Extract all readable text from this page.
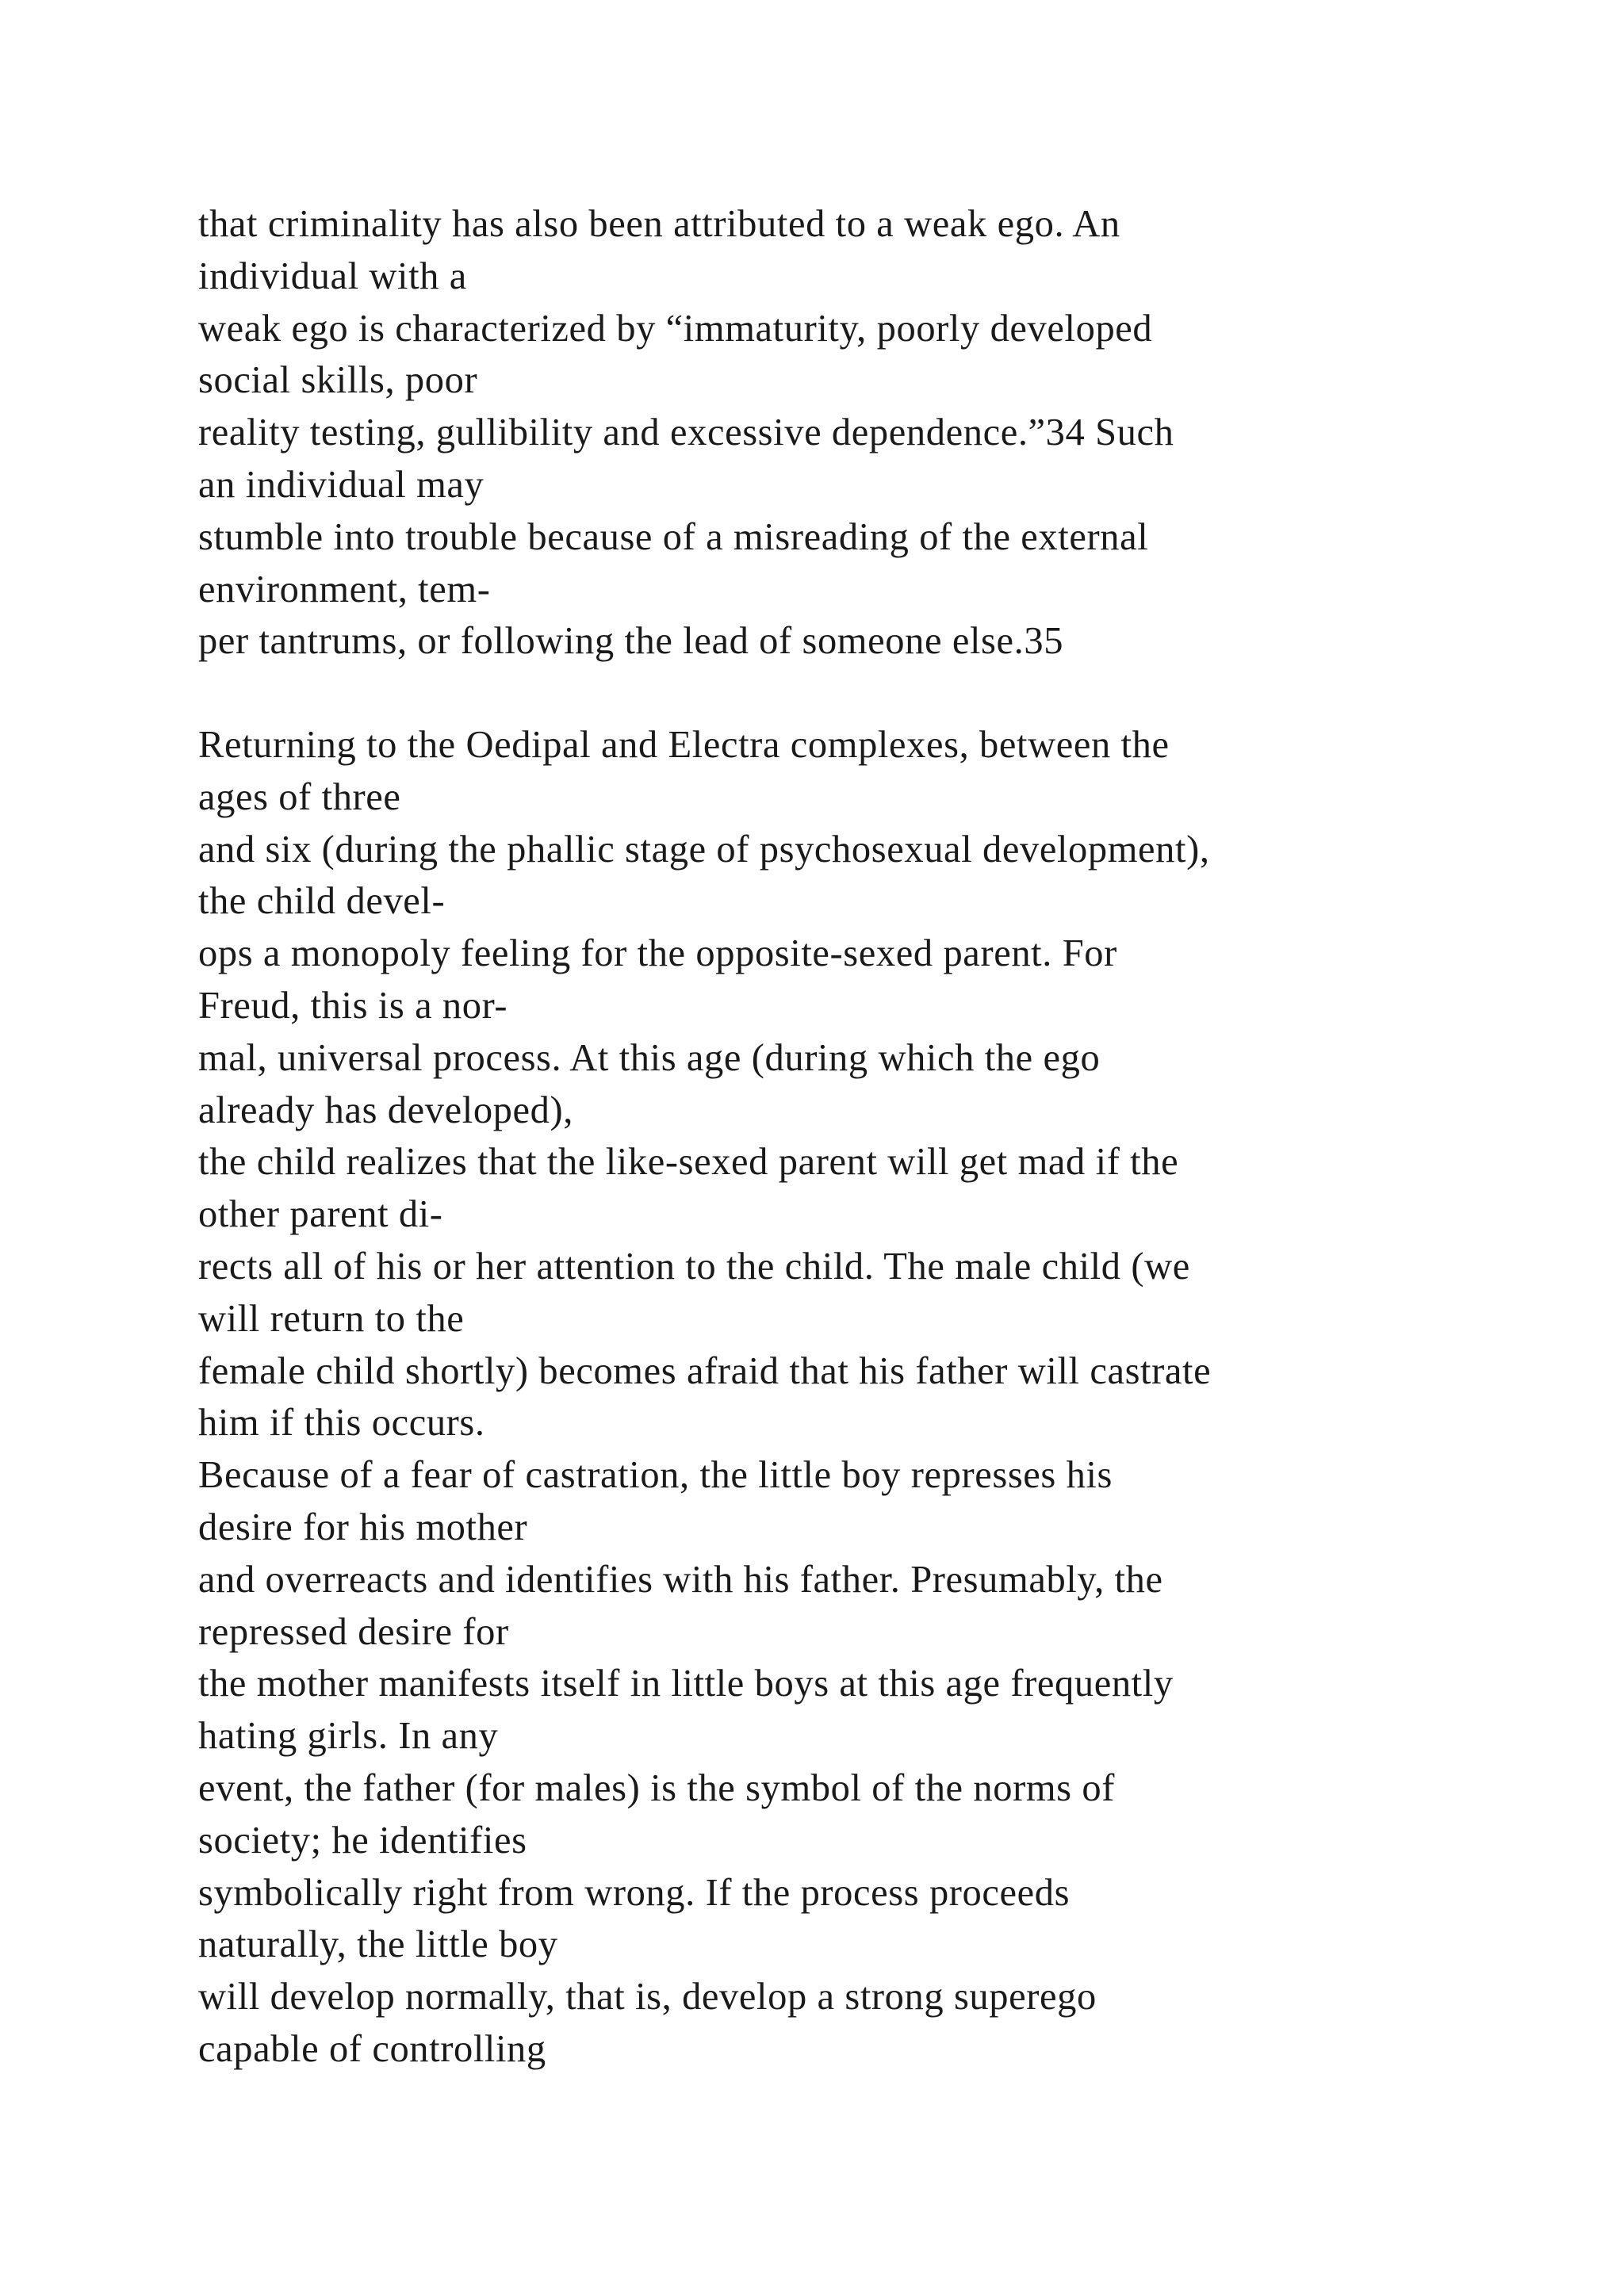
that criminality has also been attributed to a weak ego. An
individual with a
weak ego is characterized by “immaturity, poorly developed
social skills, poor
reality testing, gullibility and excessive dependence.”34 Such
an individual may
stumble into trouble because of a misreading of the external
environment, tem-
per tantrums, or following the lead of someone else.35
Returning to the Oedipal and Electra complexes, between the
ages of three
and six (during the phallic stage of psychosexual development),
the child devel-
ops a monopoly feeling for the opposite-sexed parent. For
Freud, this is a nor-
mal, universal process. At this age (during which the ego
already has developed),
the child realizes that the like-sexed parent will get mad if the
other parent di-
rects all of his or her attention to the child. The male child (we
will return to the
female child shortly) becomes afraid that his father will castrate
him if this occurs.
Because of a fear of castration, the little boy represses his
desire for his mother
and overreacts and identifies with his father. Presumably, the
repressed desire for
the mother manifests itself in little boys at this age frequently
hating girls. In any
event, the father (for males) is the symbol of the norms of
society; he identifies
symbolically right from wrong. If the process proceeds
naturally, the little boy
will develop normally, that is, develop a strong superego
capable of controlling
